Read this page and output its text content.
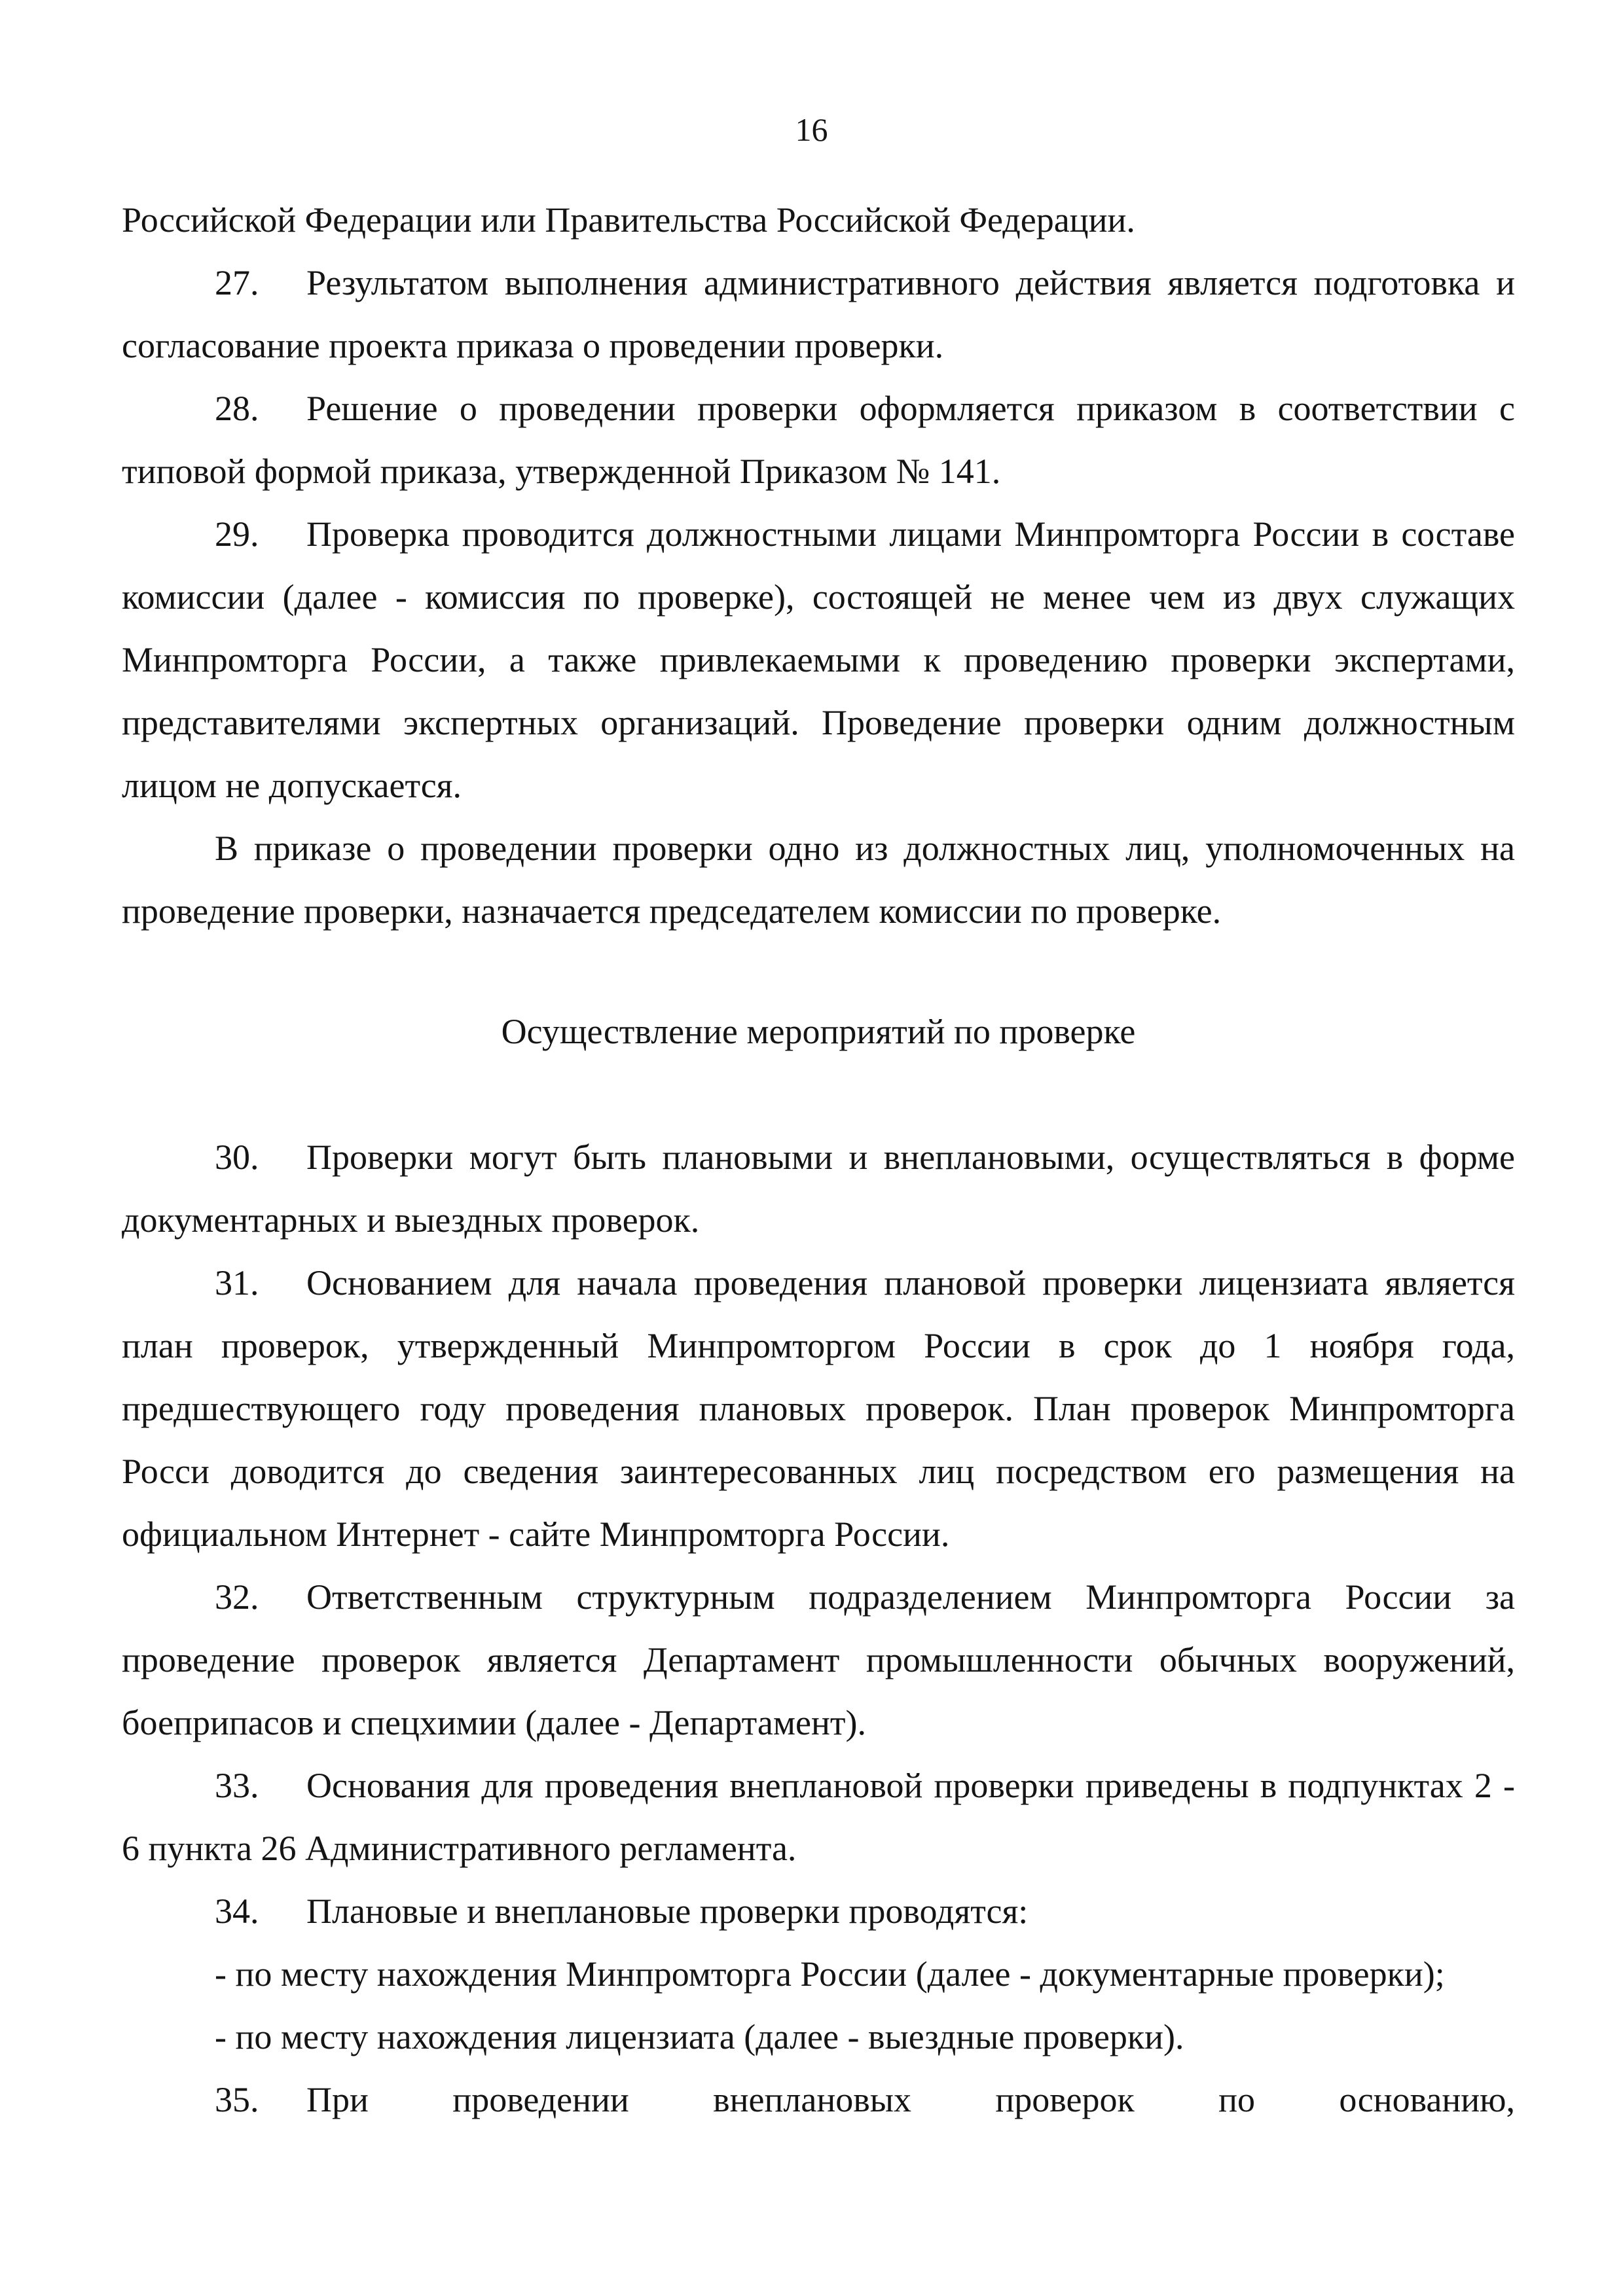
16

Российской Федерации или Правительства Российской Федерации.

27. Результатом выполнения административного действия является подготовка и согласование проекта приказа о проведении проверки.

28. Решение о проведении проверки оформляется приказом в соответствии с типовой формой приказа, утвержденной Приказом № 141.

29. Проверка проводится должностными лицами Минпромторга России в составе комиссии (далее - комиссия по проверке), состоящей не менее чем из двух служащих Минпромторга России, а также привлекаемыми к проведению проверки экспертами, представителями экспертных организаций. Проведение проверки одним должностным лицом не допускается.

В приказе о проведении проверки одно из должностных лиц, уполномоченных на проведение проверки, назначается председателем комиссии по проверке.

Осуществление мероприятий по проверке

30. Проверки могут быть плановыми и внеплановыми, осуществляться в форме документарных и выездных проверок.

31. Основанием для начала проведения плановой проверки лицензиата является план проверок, утвержденный Минпромторгом России в срок до 1 ноября года, предшествующего году проведения плановых проверок. План проверок Минпромторга Росси доводится до сведения заинтересованных лиц посредством его размещения на официальном Интернет - сайте Минпромторга России.

32. Ответственным структурным подразделением Минпромторга России за проведение проверок является Департамент промышленности обычных вооружений, боеприпасов и спецхимии (далее - Департамент).

33. Основания для проведения внеплановой проверки приведены в подпунктах 2 - 6 пункта 26 Административного регламента.

34. Плановые и внеплановые проверки проводятся:

- по месту нахождения Минпромторга России (далее - документарные проверки);

- по месту нахождения лицензиата (далее - выездные проверки).

35. При проведении внеплановых проверок по основанию,
